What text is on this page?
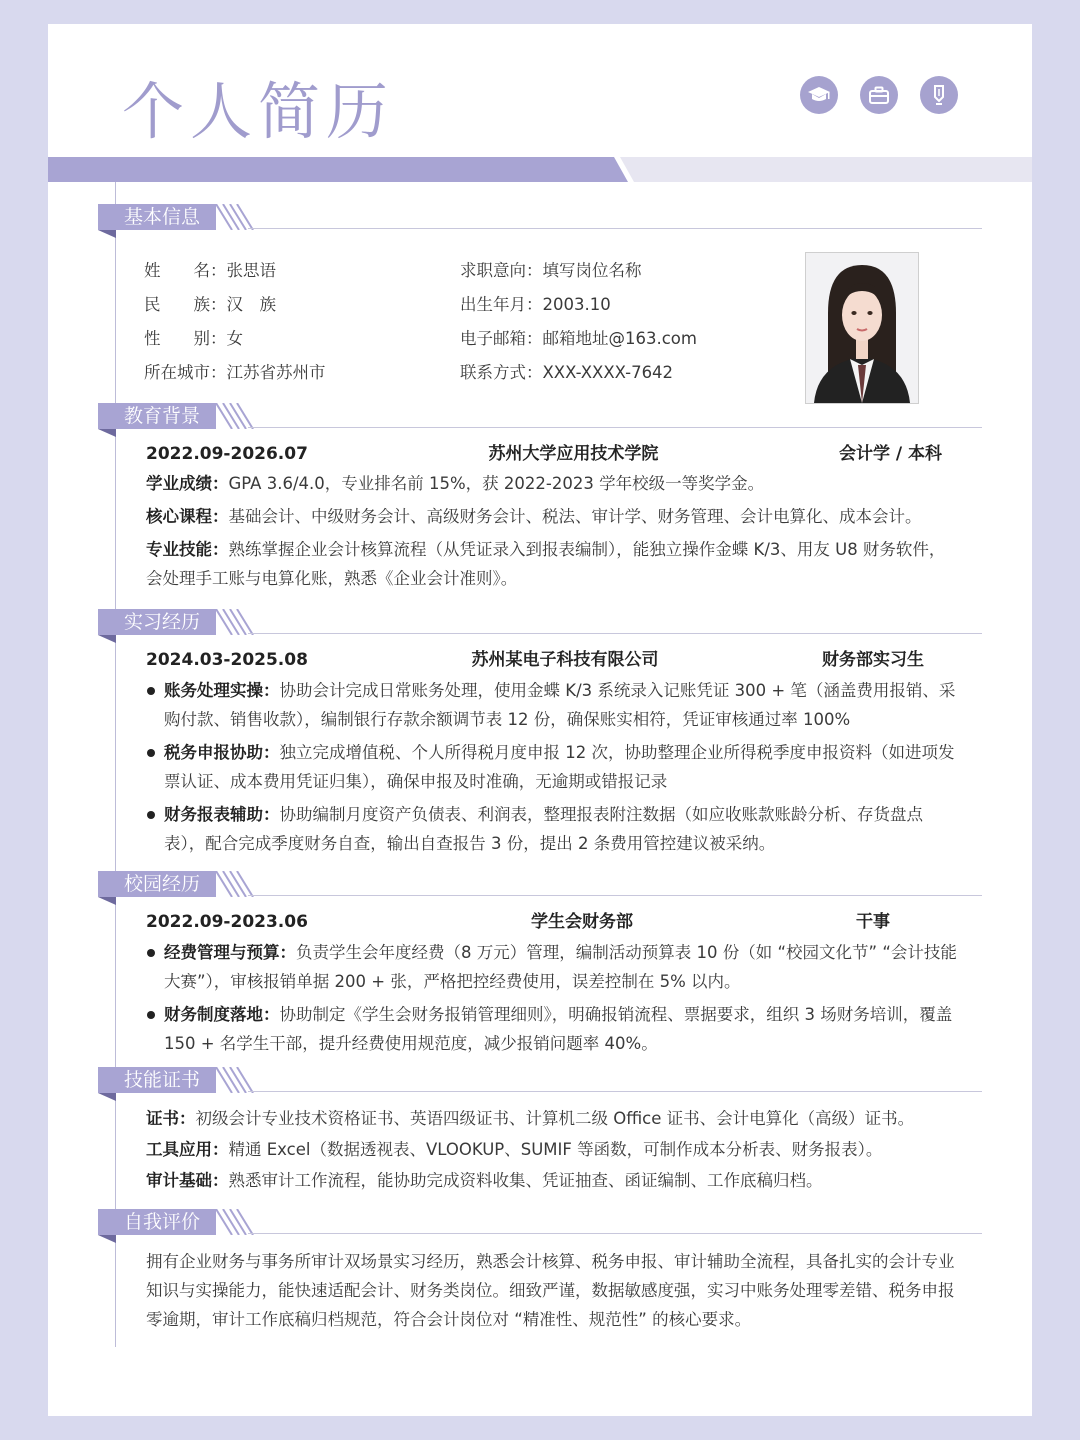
个人简历
基本信息
姓　　名：张思语	求职意向：填写岗位名称
民　　族：汉　族	出生年月：2003.10
性　　别：女	电子邮箱：邮箱地址@163.com
所在城市：江苏省苏州市	联系方式：XXX-XXXX-7642
教育背景
2022.09-2026.07	苏州大学应用技术学院	会计学 / 本科
学业成绩：GPA 3.6/4.0，专业排名前 15%，获 2022-2023 学年校级一等奖学金。
核心课程：基础会计、中级财务会计、高级财务会计、税法、审计学、财务管理、会计电算化、成本会计。
专业技能：熟练掌握企业会计核算流程（从凭证录入到报表编制），能独立操作金蝶 K/3、用友 U8 财务软件，会处理手工账与电算化账，熟悉《企业会计准则》。
实习经历
2024.03-2025.08	苏州某电子科技有限公司	财务部实习生
账务处理实操：协助会计完成日常账务处理，使用金蝶 K/3 系统录入记账凭证 300 + 笔（涵盖费用报销、采购付款、销售收款），编制银行存款余额调节表 12 份，确保账实相符，凭证审核通过率 100%
税务申报协助：独立完成增值税、个人所得税月度申报 12 次，协助整理企业所得税季度申报资料（如进项发票认证、成本费用凭证归集），确保申报及时准确，无逾期或错报记录
财务报表辅助：协助编制月度资产负债表、利润表，整理报表附注数据（如应收账款账龄分析、存货盘点表），配合完成季度财务自查，输出自查报告 3 份，提出 2 条费用管控建议被采纳。
校园经历
2022.09-2023.06	学生会财务部	干事
经费管理与预算：负责学生会年度经费（8 万元）管理，编制活动预算表 10 份（如 “校园文化节” “会计技能大赛”），审核报销单据 200 + 张，严格把控经费使用，误差控制在 5% 以内。
财务制度落地：协助制定《学生会财务报销管理细则》，明确报销流程、票据要求，组织 3 场财务培训，覆盖 150 + 名学生干部，提升经费使用规范度，减少报销问题率 40%。
技能证书
证书：初级会计专业技术资格证书、英语四级证书、计算机二级 Office 证书、会计电算化（高级）证书。
工具应用：精通 Excel（数据透视表、VLOOKUP、SUMIF 等函数，可制作成本分析表、财务报表）。
审计基础：熟悉审计工作流程，能协助完成资料收集、凭证抽查、函证编制、工作底稿归档。
自我评价
拥有企业财务与事务所审计双场景实习经历，熟悉会计核算、税务申报、审计辅助全流程，具备扎实的会计专业知识与实操能力，能快速适配会计、财务类岗位。细致严谨，数据敏感度强，实习中账务处理零差错、税务申报零逾期，审计工作底稿归档规范，符合会计岗位对 “精准性、规范性” 的核心要求。
